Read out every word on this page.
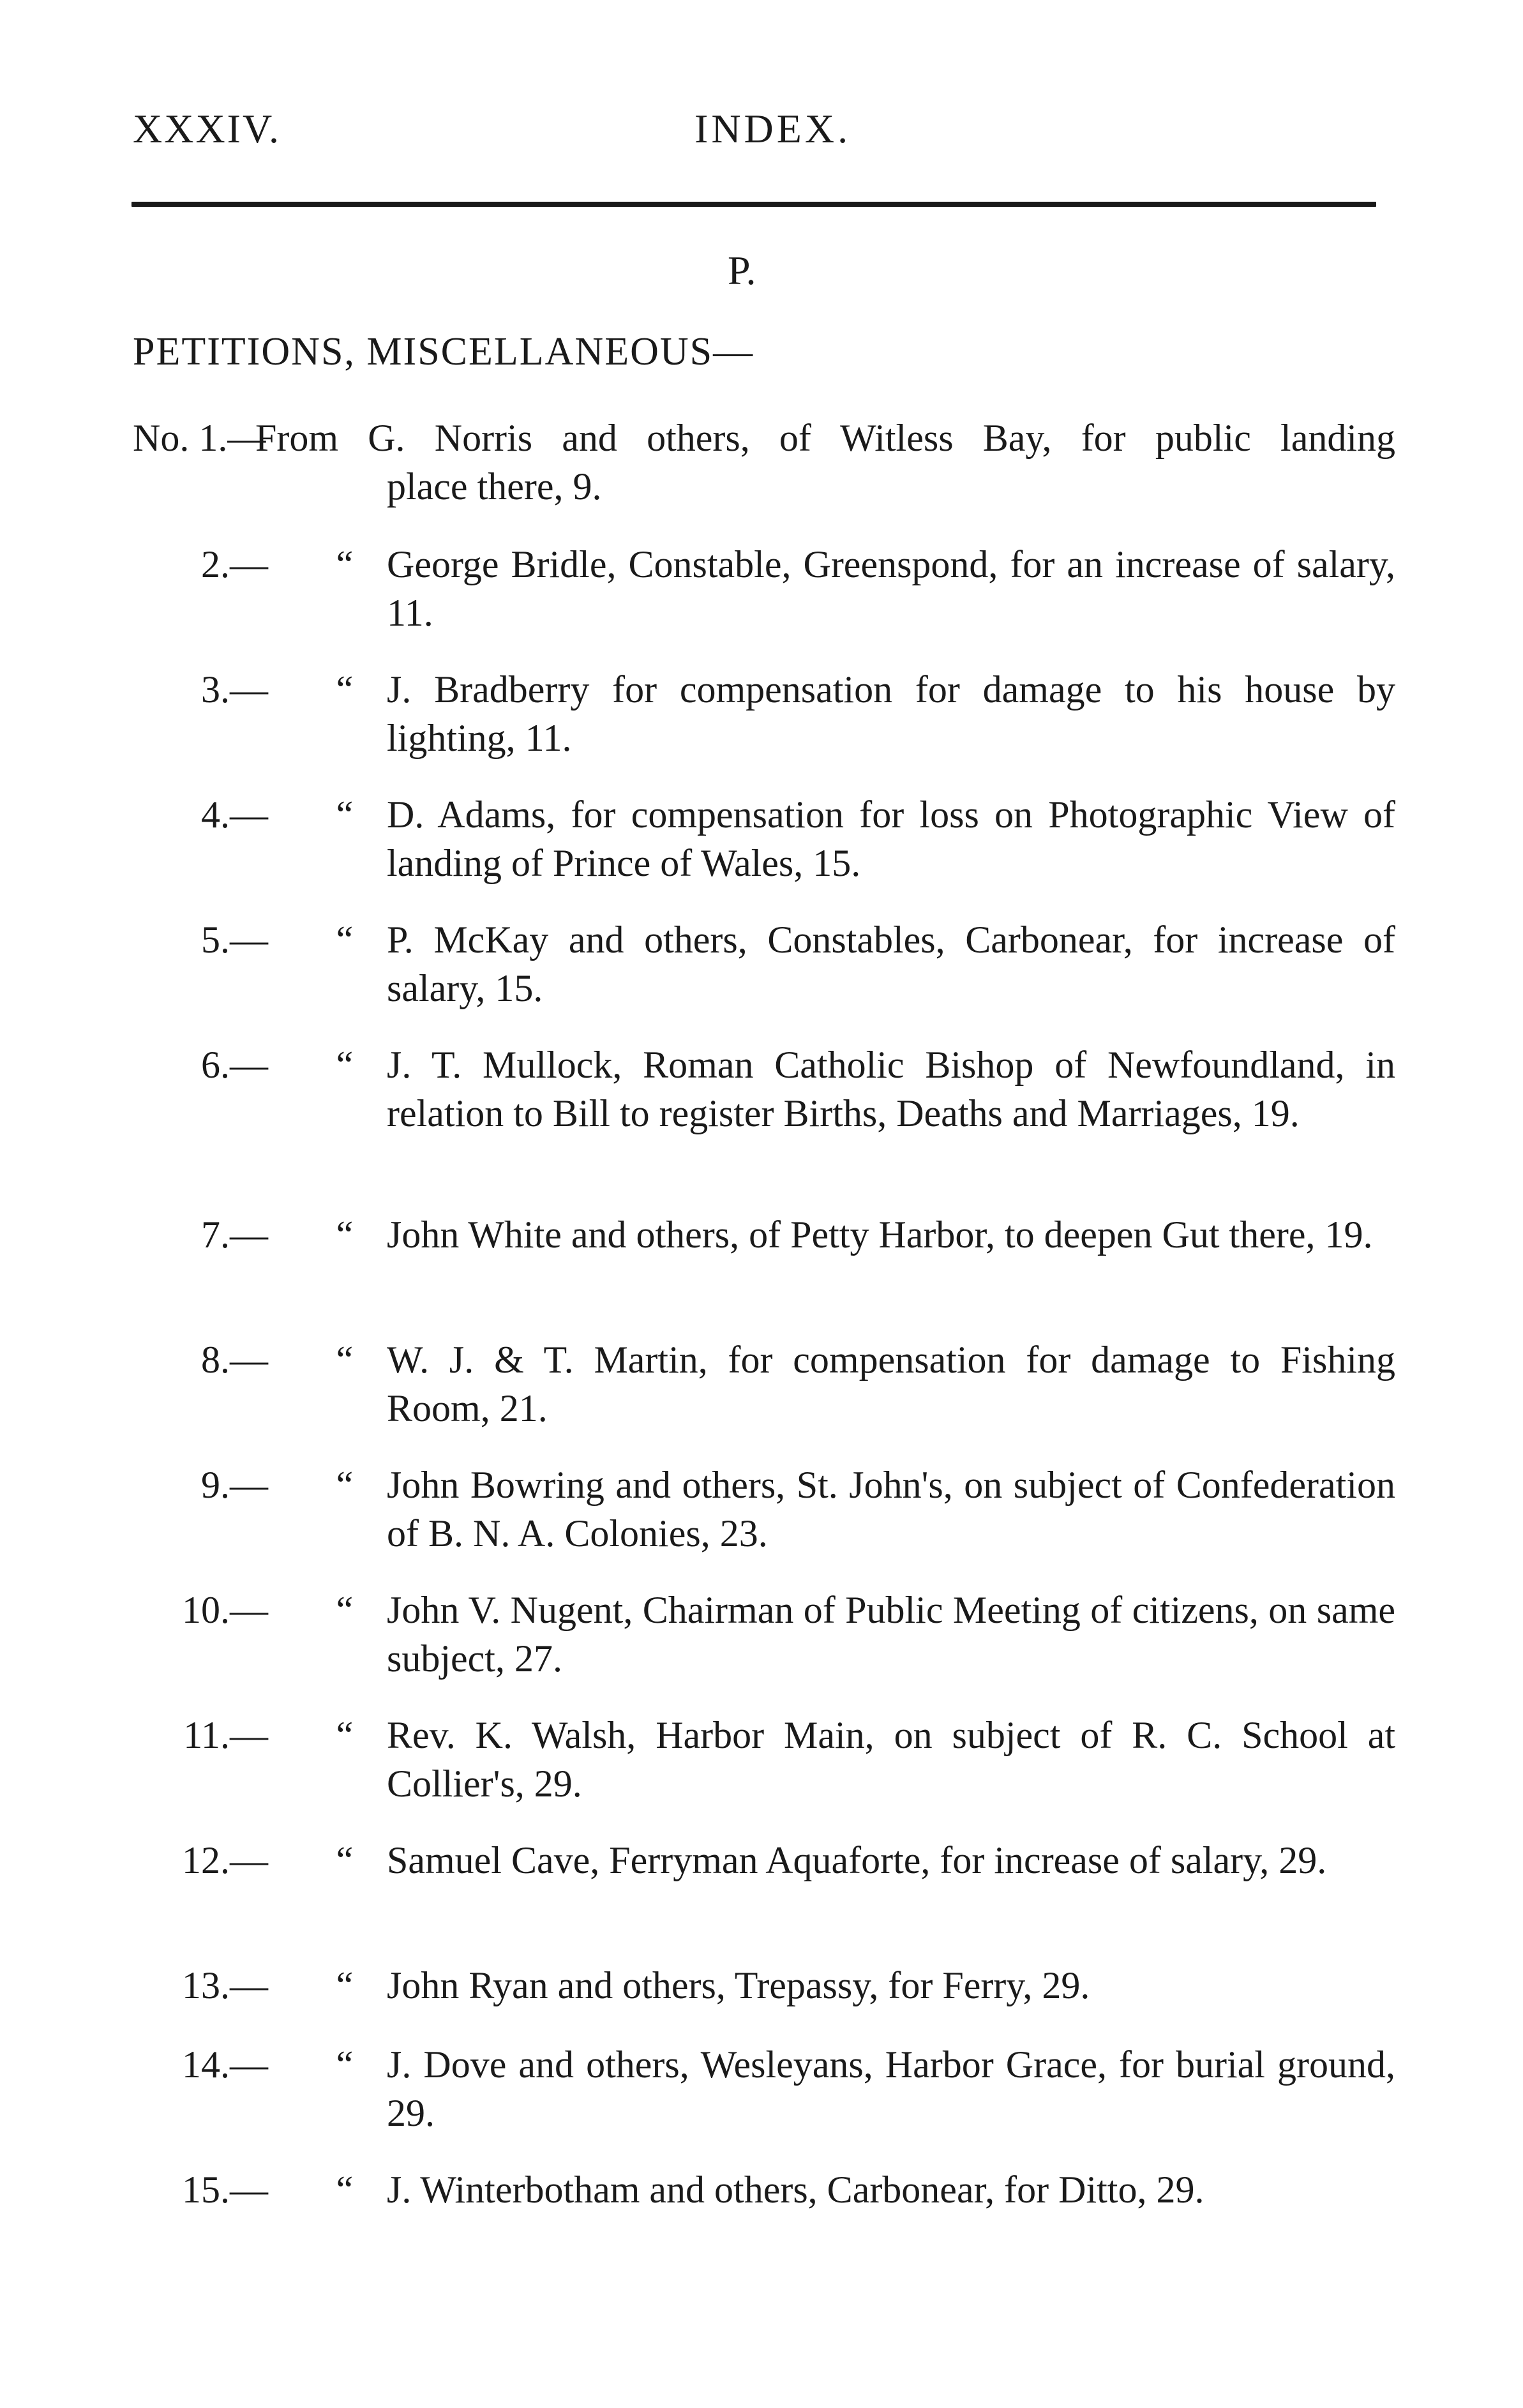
XXXIV.	INDEX.
P.
PETITIONS, MISCELLANEOUS—
No. 1.—
From G. Norris and others, of Witless Bay, for public landing
place there, 9.
2.— “ George Bridle, Constable, Greenspond, for an increase of salary, 11.
3.— “ J. Bradberry for compensation for damage to his house by lighting, 11.
4.— “ D. Adams, for compensation for loss on Photographic View of landing of Prince of Wales, 15.
5.— “ P. McKay and others, Constables, Carbonear, for increase of salary, 15.
6.— “ J. T. Mullock, Roman Catholic Bishop of Newfoundland, in relation to Bill to register Births, Deaths and Marriages, 19.
7.— “ John White and others, of Petty Harbor, to deepen Gut there, 19.
8.— “ W. J. & T. Martin, for compensation for damage to Fishing Room, 21.
9.— “ John Bowring and others, St. John's, on subject of Confederation of B. N. A. Colonies, 23.
10.— “ John V. Nugent, Chairman of Public Meeting of citizens, on same subject, 27.
11.— “ Rev. K. Walsh, Harbor Main, on subject of R. C. School at Collier's, 29.
12.— “ Samuel Cave, Ferryman Aquaforte, for increase of salary, 29.
13.— “ John Ryan and others, Trepassy, for Ferry, 29.
14.— “ J. Dove and others, Wesleyans, Harbor Grace, for burial ground, 29.
15.— “ J. Winterbotham and others, Carbonear, for Ditto, 29.
